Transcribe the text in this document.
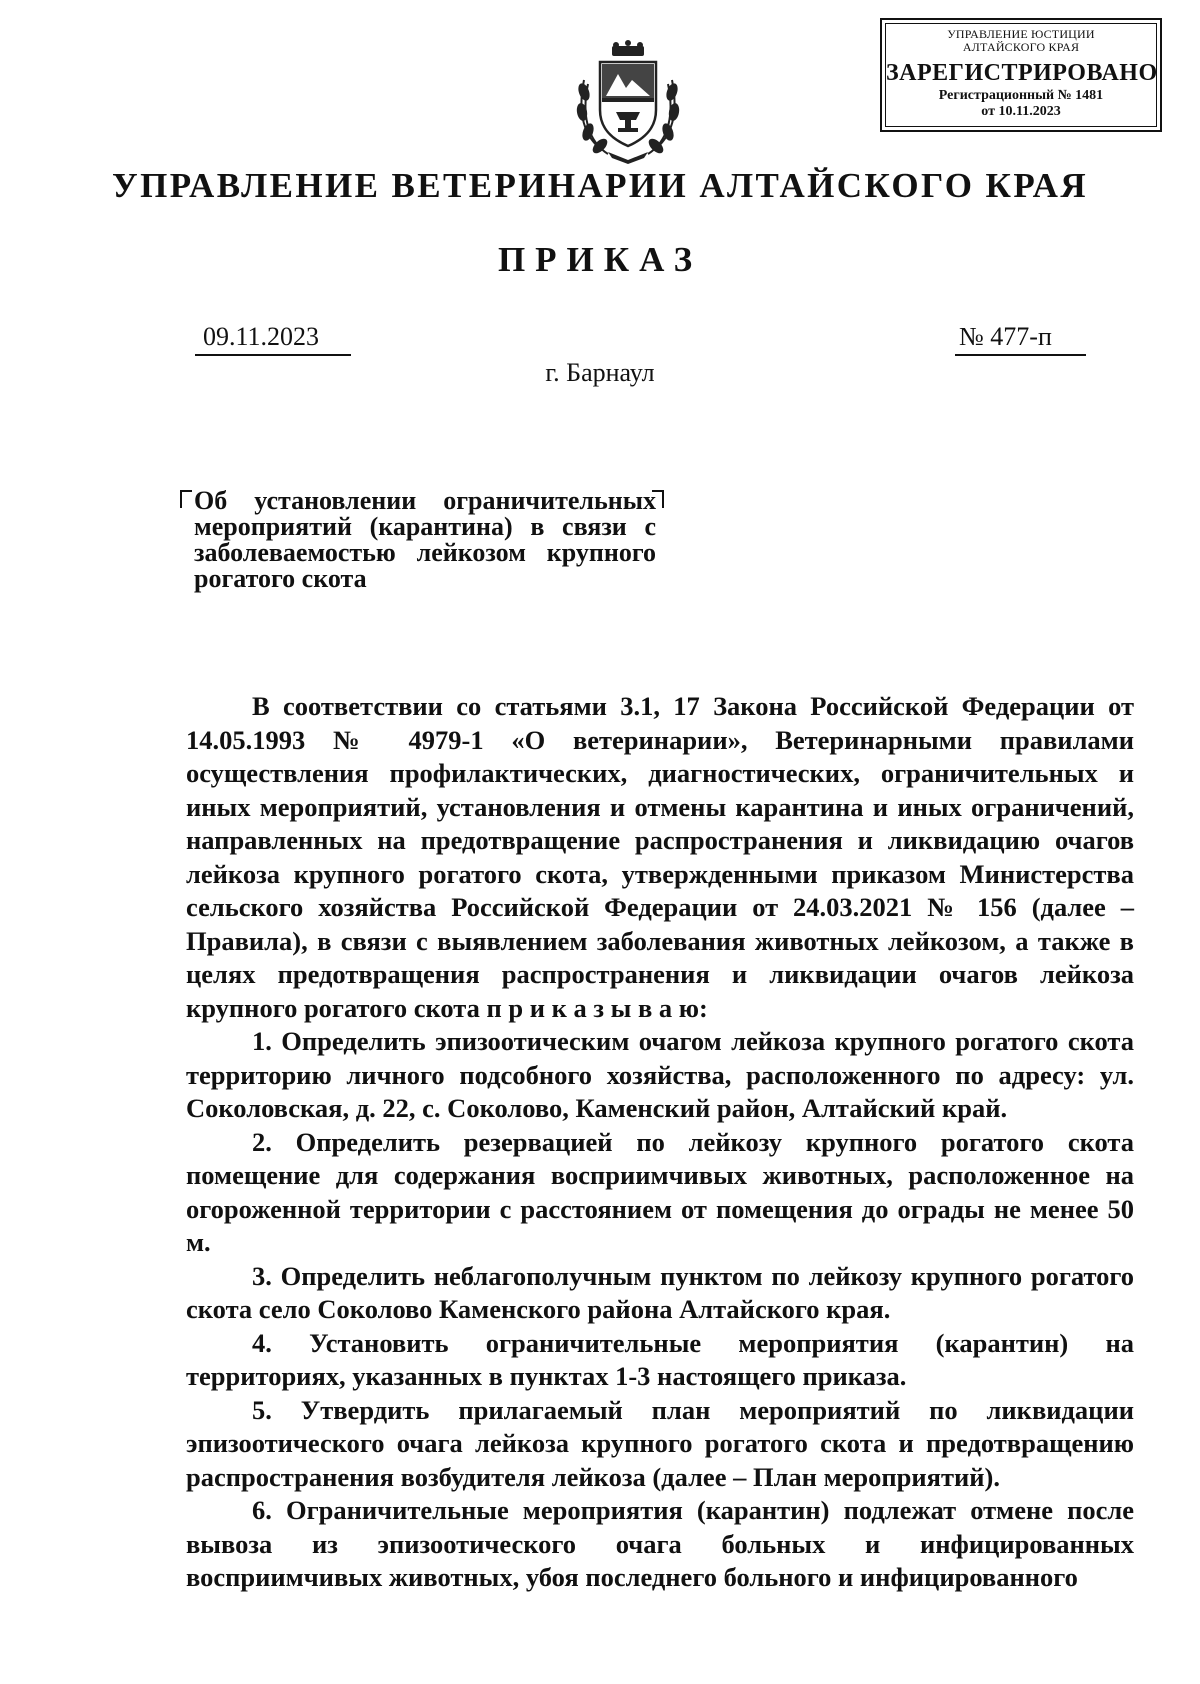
УПРАВЛЕНИЕ ЮСТИЦИИ
АЛТАЙСКОГО КРАЯ
ЗАРЕГИСТРИРОВАНО
Регистрационный № 1481
от 10.11.2023
УПРАВЛЕНИЕ ВЕТЕРИНАРИИ АЛТАЙСКОГО КРАЯ
ПРИКАЗ
09.11.2023	№ 477-п
г. Барнаул
Об установлении ограничительных мероприятий (карантина) в связи с заболеваемостью лейкозом крупного рогатого скота

В соответствии со статьями 3.1, 17 Закона Российской Федерации от 14.05.1993 № 4979-1 «О ветеринарии», Ветеринарными правилами осуществления профилактических, диагностических, ограничительных и иных мероприятий, установления и отмены карантина и иных ограничений, направленных на предотвращение распространения и ликвидацию очагов лейкоза крупного рогатого скота, утвержденными приказом Министерства сельского хозяйства Российской Федерации от 24.03.2021 № 156 (далее – Правила), в связи с выявлением заболевания животных лейкозом, а также в целях предотвращения распространения и ликвидации очагов лейкоза крупного рогатого скота п р и к а з ы в а ю:

1. Определить эпизоотическим очагом лейкоза крупного рогатого скота территорию личного подсобного хозяйства, расположенного по адресу: ул. Соколовская, д. 22, с. Соколово, Каменский район, Алтайский край.

2. Определить резервацией по лейкозу крупного рогатого скота помещение для содержания восприимчивых животных, расположенное на огороженной территории с расстоянием от помещения до ограды не менее 50 м.

3. Определить неблагополучным пунктом по лейкозу крупного рогатого скота село Соколово Каменского района Алтайского края.

4. Установить ограничительные мероприятия (карантин) на территориях, указанных в пунктах 1-3 настоящего приказа.

5. Утвердить прилагаемый план мероприятий по ликвидации эпизоотического очага лейкоза крупного рогатого скота и предотвращению распространения возбудителя лейкоза (далее – План мероприятий).

6. Ограничительные мероприятия (карантин) подлежат отмене после вывоза из эпизоотического очага больных и инфицированных восприимчивых животных, убоя последнего больного и инфицированного
